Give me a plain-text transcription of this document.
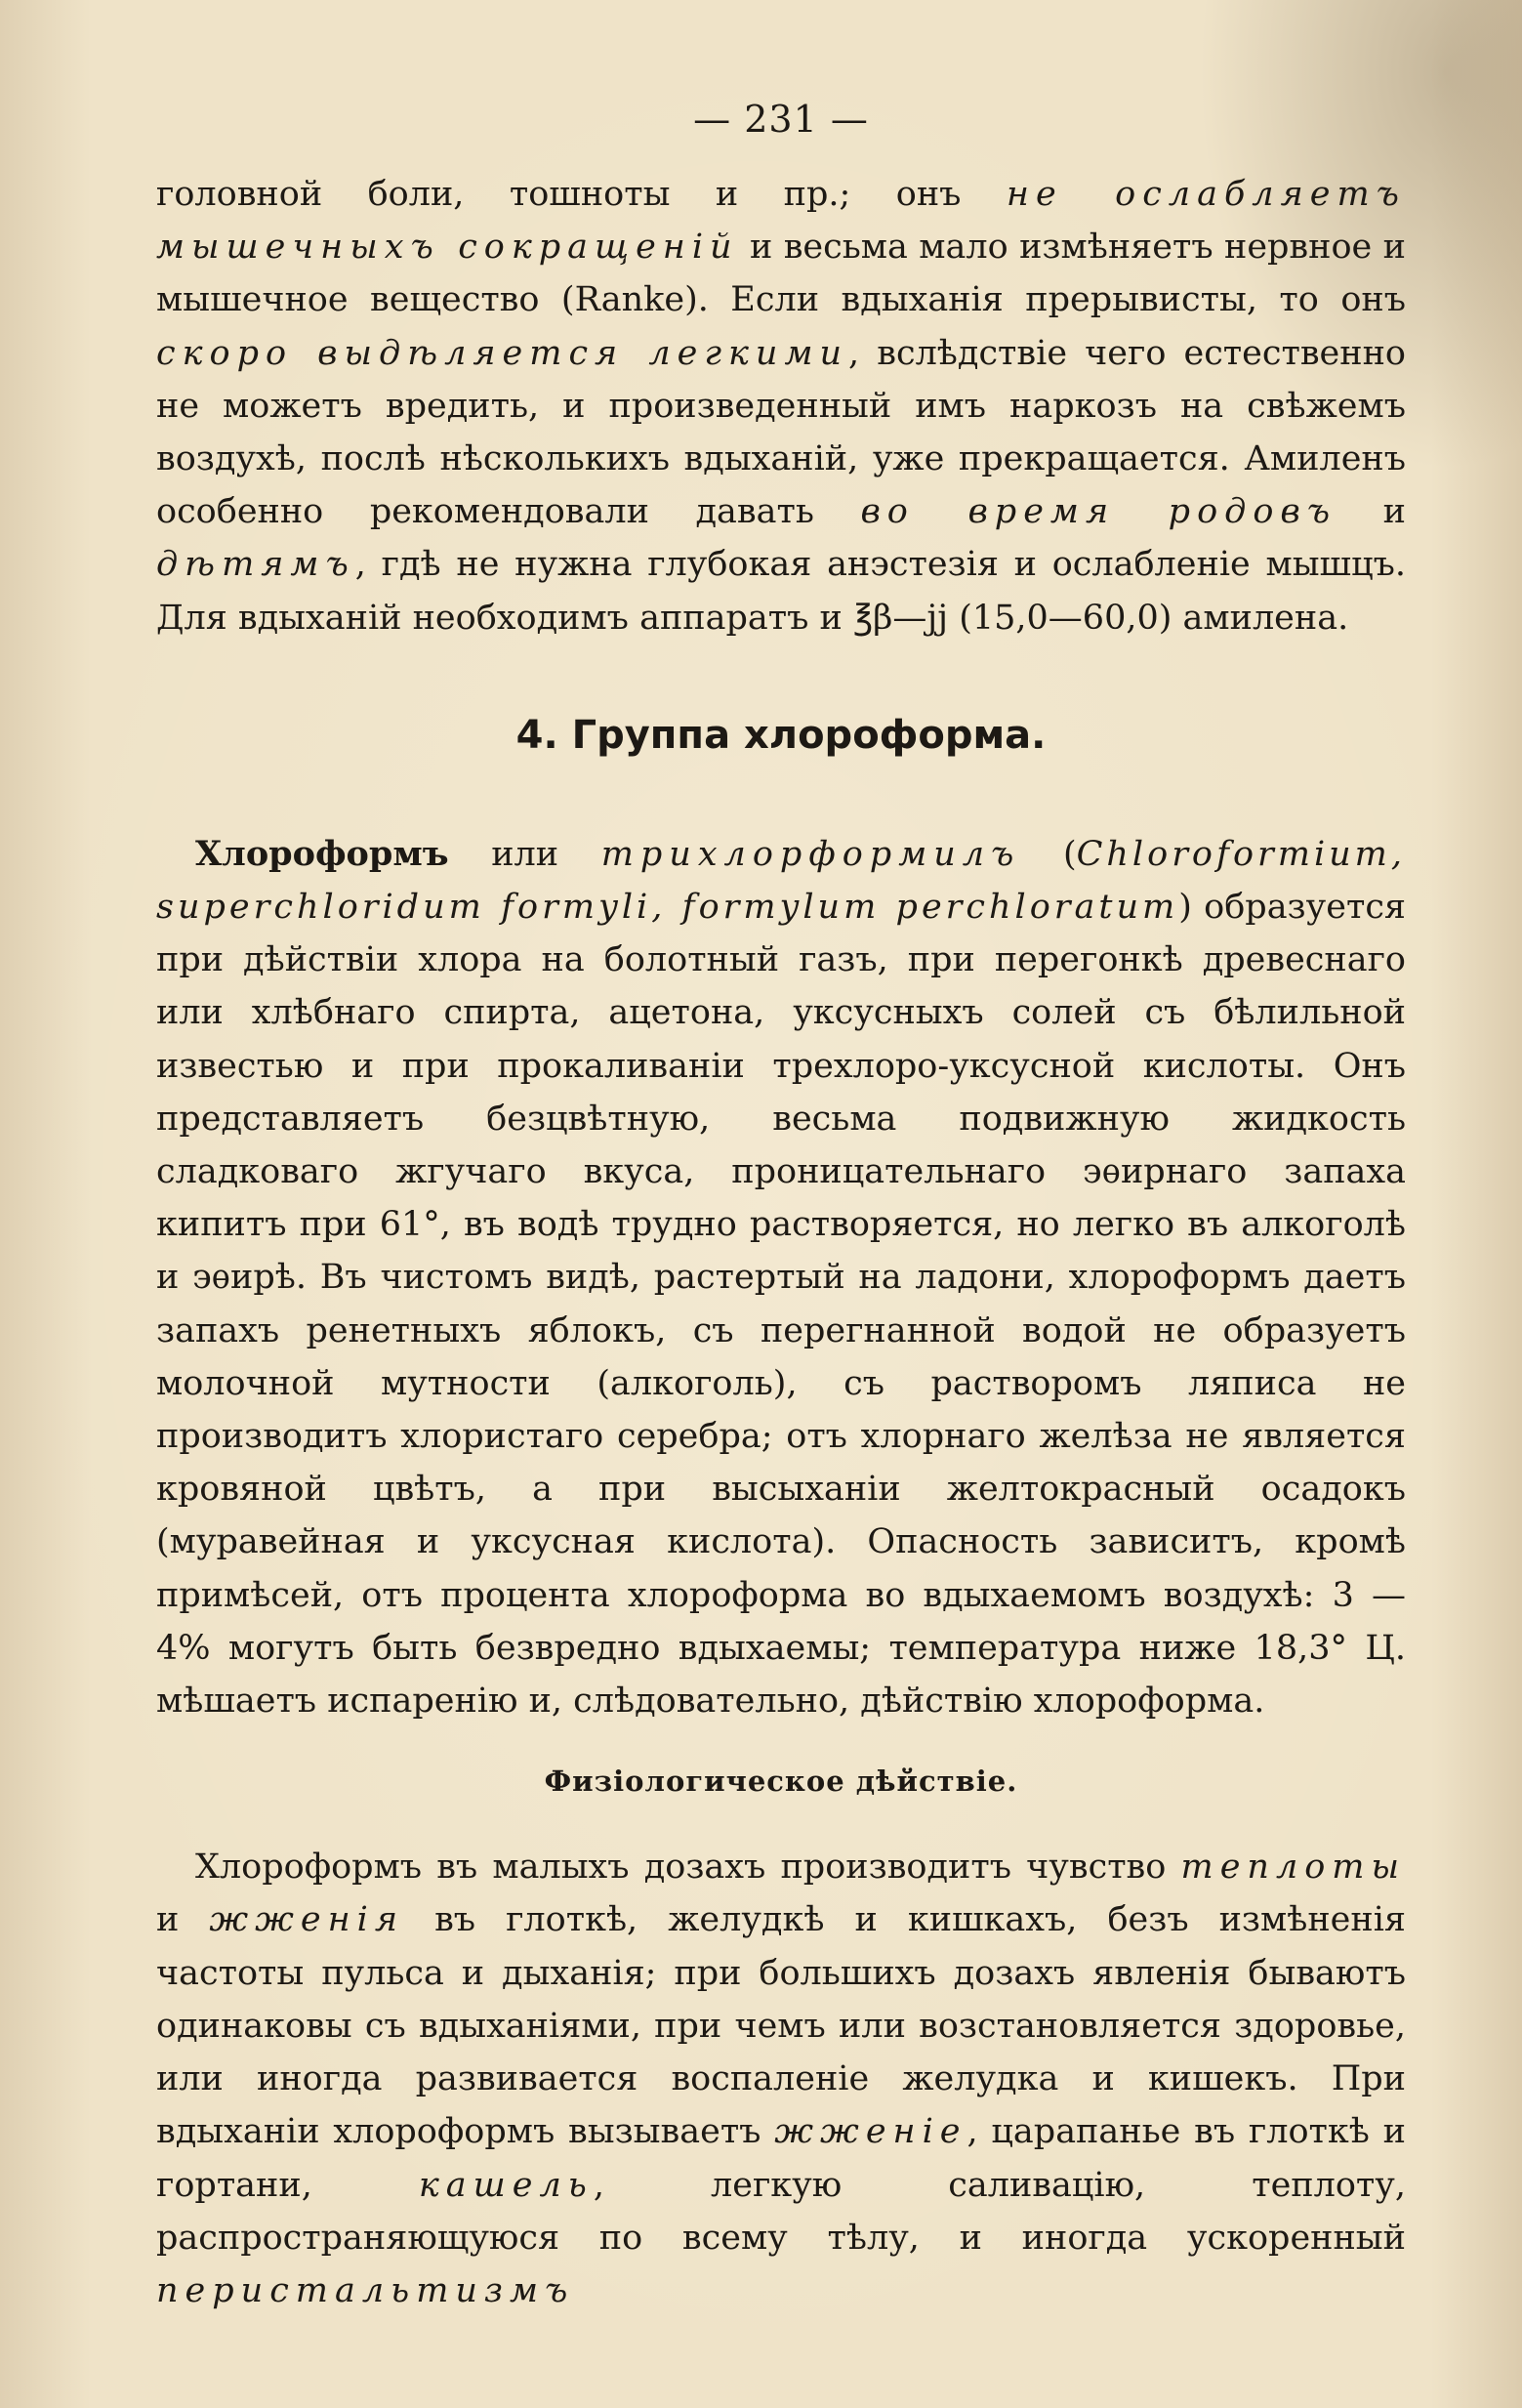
— 231 —

головной боли, тошноты и пр.; онъ не ослабляетъ мышечныхъ сокращенiй и весьма мало измѣняетъ нервное и мышечное вещество (Ranke). Если вдыханiя прерывисты, то онъ скоро выдѣляется легкими, вслѣдствiе чего естественно не можетъ вредить, и произведенный имъ наркозъ на свѣжемъ воздухѣ, послѣ нѣсколькихъ вдыханiй, уже прекращается. Амиленъ особенно рекомендовали давать во время родовъ и дѣтямъ, гдѣ не нужна глубокая анэстезiя и ослабленiе мышцъ. Для вдыханiй необходимъ аппаратъ и ℥β—jj (15,0—60,0) амилена.

4. Группа хлороформа.

Хлороформъ или трихлорформилъ (Chloroformium, superchloridum formyli, formylum perchloratum) образуется при дѣйствiи хлора на болотный газъ, при перегонкѣ древеснаго или хлѣбнаго спирта, ацетона, уксусныхъ солей съ бѣлильной известью и при прокаливанiи трехлоро-уксусной кислоты. Онъ представляетъ безцвѣтную, весьма подвижную жидкость сладковаго жгучаго вкуса, проницательнаго эѳирнаго запаха кипитъ при 61°, въ водѣ трудно растворяется, но легко въ алкоголѣ и эѳирѣ. Въ чистомъ видѣ, растертый на ладони, хлороформъ даетъ запахъ ренетныхъ яблокъ, съ перегнанной водой не образуетъ молочной мутности (алкоголь), съ растворомъ ляписа не производитъ хлористаго серебра; отъ хлорнаго желѣза не является кровяной цвѣтъ, а при высыханiи желтокрасный осадокъ (муравейная и уксусная кислота). Опасность зависитъ, кромѣ примѣсей, отъ процента хлороформа во вдыхаемомъ воздухѣ: 3 — 4% могутъ быть безвредно вдыхаемы; температура ниже 18,3° Ц. мѣшаетъ испаренiю и, слѣдовательно, дѣйствiю хлороформа.

Физiологическое дѣйствiе.

Хлороформъ въ малыхъ дозахъ производитъ чувство теплоты и жженiя въ глоткѣ, желудкѣ и кишкахъ, безъ измѣненiя частоты пульса и дыханiя; при большихъ дозахъ явленiя бываютъ одинаковы съ вдыханiями, при чемъ или возстановляется здоровье, или иногда развивается воспаленiе желудка и кишекъ. При вдыханiи хлороформъ вызываетъ жженiе, царапанье въ глоткѣ и гортани, кашель, легкую саливацiю, теплоту, распространяющуюся по всему тѣлу, и иногда ускоренный перистальтизмъ
